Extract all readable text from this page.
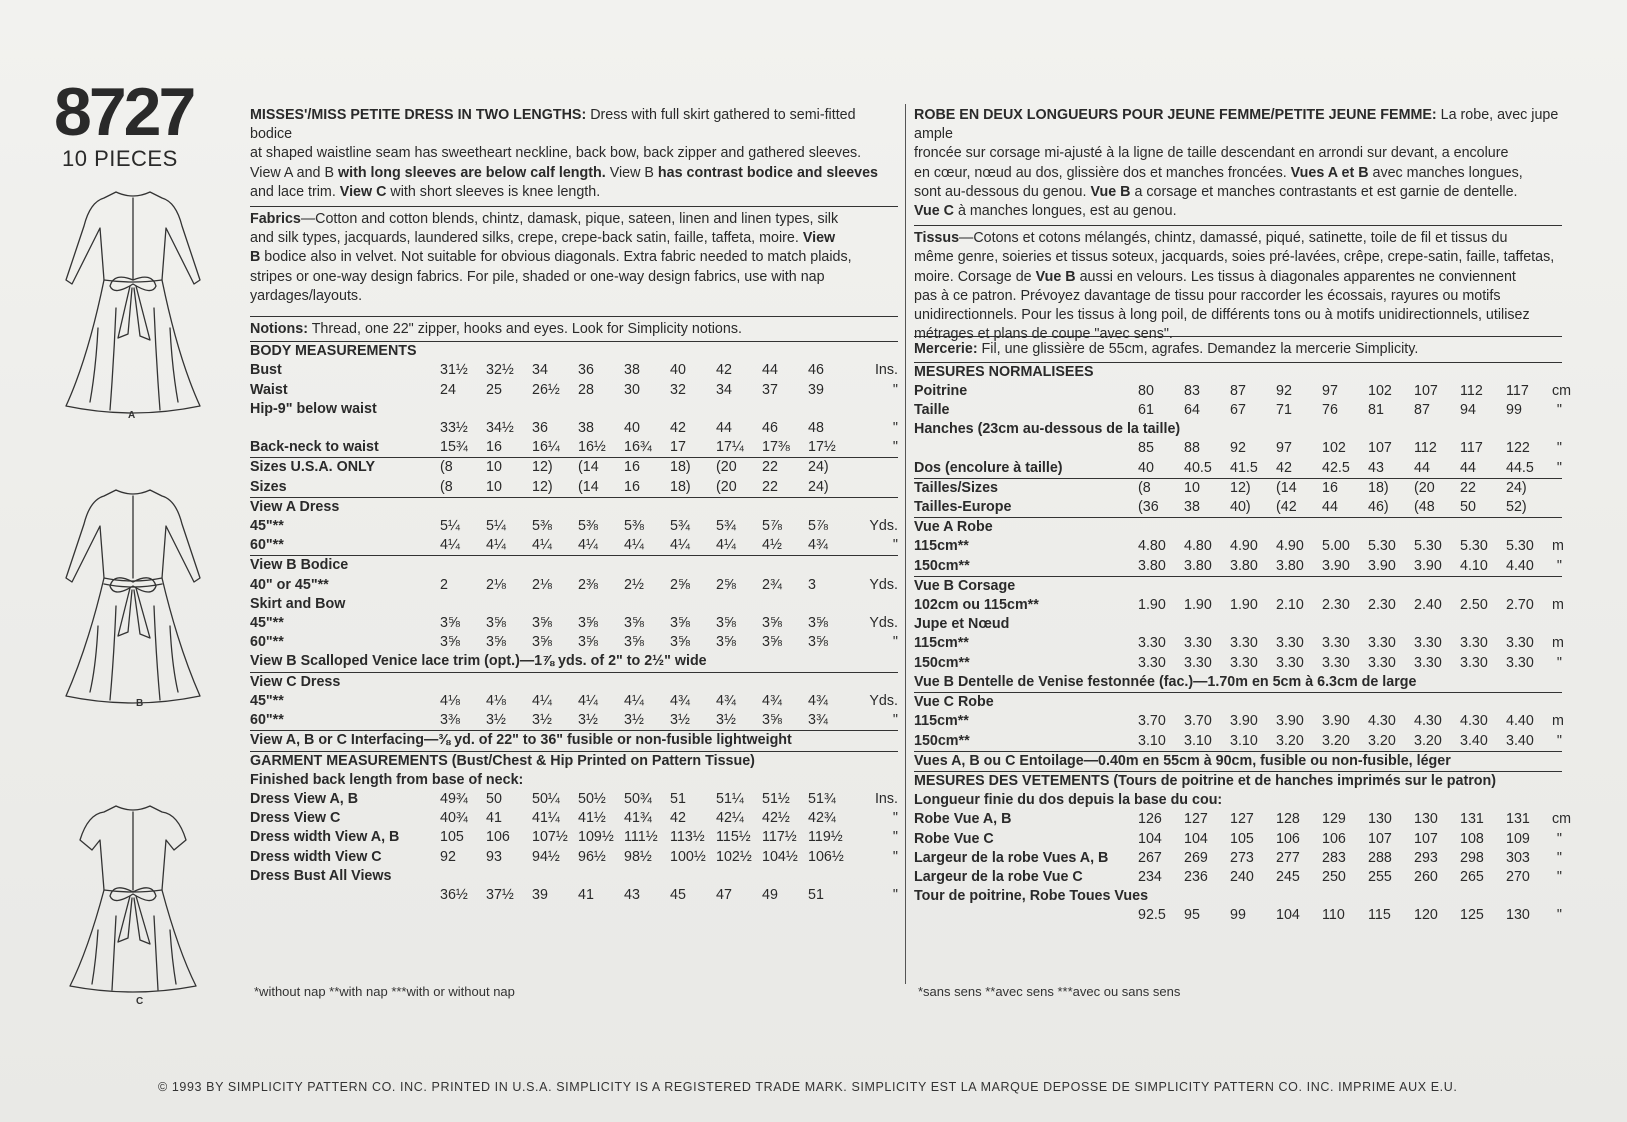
8727
10 PIECES
A
B
C

MISSES'/MISS PETITE DRESS IN TWO LENGTHS: Dress with full skirt gathered to semi-fitted bodice
at shaped waistline seam has sweetheart neckline, back bow, back zipper and gathered sleeves.
View A and B with long sleeves are below calf length. View B has contrast bodice and sleeves
and lace trim. View C with short sleeves is knee length.

Fabrics—Cotton and cotton blends, chintz, damask, pique, sateen, linen and linen types, silk
and silk types, jacquards, laundered silks, crepe, crepe-back satin, faille, taffeta, moire. View
B bodice also in velvet. Not suitable for obvious diagonals. Extra fabric needed to match plaids,
stripes or one-way design fabrics. For pile, shaded or one-way design fabrics, use with nap
yardages/layouts.

Notions: Thread, one 22" zipper, hooks and eyes. Look for Simplicity notions.

BODY MEASUREMENTS
Bust	31½	32½	34	36	38	40	42	44	46	Ins.
Waist	24	25	26½	28	30	32	34	37	39	"
Hip-9" below waist										
	33½	34½	36	38	40	42	44	46	48	"
Back-neck to waist	15¾	16	16¼	16½	16¾	17	17¼	17⅜	17½	"
Sizes U.S.A. ONLY	(8	10	12)	(14	16	18)	(20	22	24)	
Sizes	(8	10	12)	(14	16	18)	(20	22	24)	
View A Dress										
45"**	5¼	5¼	5⅜	5⅜	5⅜	5¾	5¾	5⅞	5⅞	Yds.
60"**	4¼	4¼	4¼	4¼	4¼	4¼	4¼	4½	4¾	"
View B Bodice										
40" or 45"**	2	2⅛	2⅛	2⅜	2½	2⅝	2⅝	2¾	3	Yds.
Skirt and Bow										
45"**	3⅝	3⅝	3⅝	3⅝	3⅝	3⅝	3⅝	3⅝	3⅝	Yds.
60"**	3⅝	3⅝	3⅝	3⅝	3⅝	3⅝	3⅝	3⅝	3⅝	"
View B Scalloped Venice lace trim (opt.)—1⅞ yds. of 2" to 2½" wide										
View C Dress										
45"**	4⅛	4⅛	4¼	4¼	4¼	4¾	4¾	4¾	4¾	Yds.
60"**	3⅜	3½	3½	3½	3½	3½	3½	3⅝	3¾	"
View A, B or C Interfacing—⅜ yd. of 22" to 36" fusible or non-fusible lightweight										
GARMENT MEASUREMENTS (Bust/Chest & Hip Printed on Pattern Tissue)										
Finished back length from base of neck:										
Dress View A, B	49¾	50	50¼	50½	50¾	51	51¼	51½	51¾	Ins.
Dress View C	40¾	41	41¼	41½	41¾	42	42¼	42½	42¾	"
Dress width View A, B	105	106	107½	109½	111½	113½	115½	117½	119½	"
Dress width View C	92	93	94½	96½	98½	100½	102½	104½	106½	"
Dress Bust All Views										
	36½	37½	39	41	43	45	47	49	51	"

ROBE EN DEUX LONGUEURS POUR JEUNE FEMME/PETITE JEUNE FEMME: La robe, avec jupe ample
froncée sur corsage mi-ajusté à la ligne de taille descendant en arrondi sur devant, a encolure
en cœur, nœud au dos, glissière dos et manches froncées. Vues A et B avec manches longues,
sont au-dessous du genou. Vue B a corsage et manches contrastants et est garnie de dentelle.
Vue C à manches longues, est au genou.

Tissus—Cotons et cotons mélangés, chintz, damassé, piqué, satinette, toile de fil et tissus du
même genre, soieries et tissus soteux, jacquards, soies pré-lavées, crêpe, crepe-satin, faille, taffetas,
moire. Corsage de Vue B aussi en velours. Les tissus à diagonales apparentes ne conviennent
pas à ce patron. Prévoyez davantage de tissu pour raccorder les écossais, rayures ou motifs
unidirectionnels. Pour les tissus à long poil, de différents tons ou à motifs unidirectionnels, utilisez
métrages et plans de coupe "avec sens".

Mercerie: Fil, une glissière de 55cm, agrafes. Demandez la mercerie Simplicity.

MESURES NORMALISEES
Poitrine	80	83	87	92	97	102	107	112	117	cm
Taille	61	64	67	71	76	81	87	94	99	"
Hanches (23cm au-dessous de la taille)										
	85	88	92	97	102	107	112	117	122	"
Dos (encolure à taille)	40	40.5	41.5	42	42.5	43	44	44	44.5	"
Tailles/Sizes	(8	10	12)	(14	16	18)	(20	22	24)	
Tailles-Europe	(36	38	40)	(42	44	46)	(48	50	52)	
Vue A Robe										
115cm**	4.80	4.80	4.90	4.90	5.00	5.30	5.30	5.30	5.30	m
150cm**	3.80	3.80	3.80	3.80	3.90	3.90	3.90	4.10	4.40	"
Vue B Corsage										
102cm ou 115cm**	1.90	1.90	1.90	2.10	2.30	2.30	2.40	2.50	2.70	m
Jupe et Nœud										
115cm**	3.30	3.30	3.30	3.30	3.30	3.30	3.30	3.30	3.30	m
150cm**	3.30	3.30	3.30	3.30	3.30	3.30	3.30	3.30	3.30	"
Vue B Dentelle de Venise festonnée (fac.)—1.70m en 5cm à 6.3cm de large										
Vue C Robe										
115cm**	3.70	3.70	3.90	3.90	3.90	4.30	4.30	4.30	4.40	m
150cm**	3.10	3.10	3.10	3.20	3.20	3.20	3.20	3.40	3.40	"
Vues A, B ou C Entoilage—0.40m en 55cm à 90cm, fusible ou non-fusible, léger										
MESURES DES VETEMENTS (Tours de poitrine et de hanches imprimés sur le patron)										
Longueur finie du dos depuis la base du cou:										
Robe Vue A, B	126	127	127	128	129	130	130	131	131	cm
Robe Vue C	104	104	105	106	106	107	107	108	109	"
Largeur de la robe Vues A, B	267	269	273	277	283	288	293	298	303	"
Largeur de la robe Vue C	234	236	240	245	250	255	260	265	270	"
Tour de poitrine, Robe Toues Vues										
	92.5	95	99	104	110	115	120	125	130	"
*without nap **with nap ***with or without nap	*sans sens **avec sens ***avec ou sans sens
© 1993 BY SIMPLICITY PATTERN CO. INC. PRINTED IN U.S.A. SIMPLICITY IS A REGISTERED TRADE MARK. SIMPLICITY EST LA MARQUE DEPOSSE DE SIMPLICITY PATTERN CO. INC. IMPRIME AUX E.U.
